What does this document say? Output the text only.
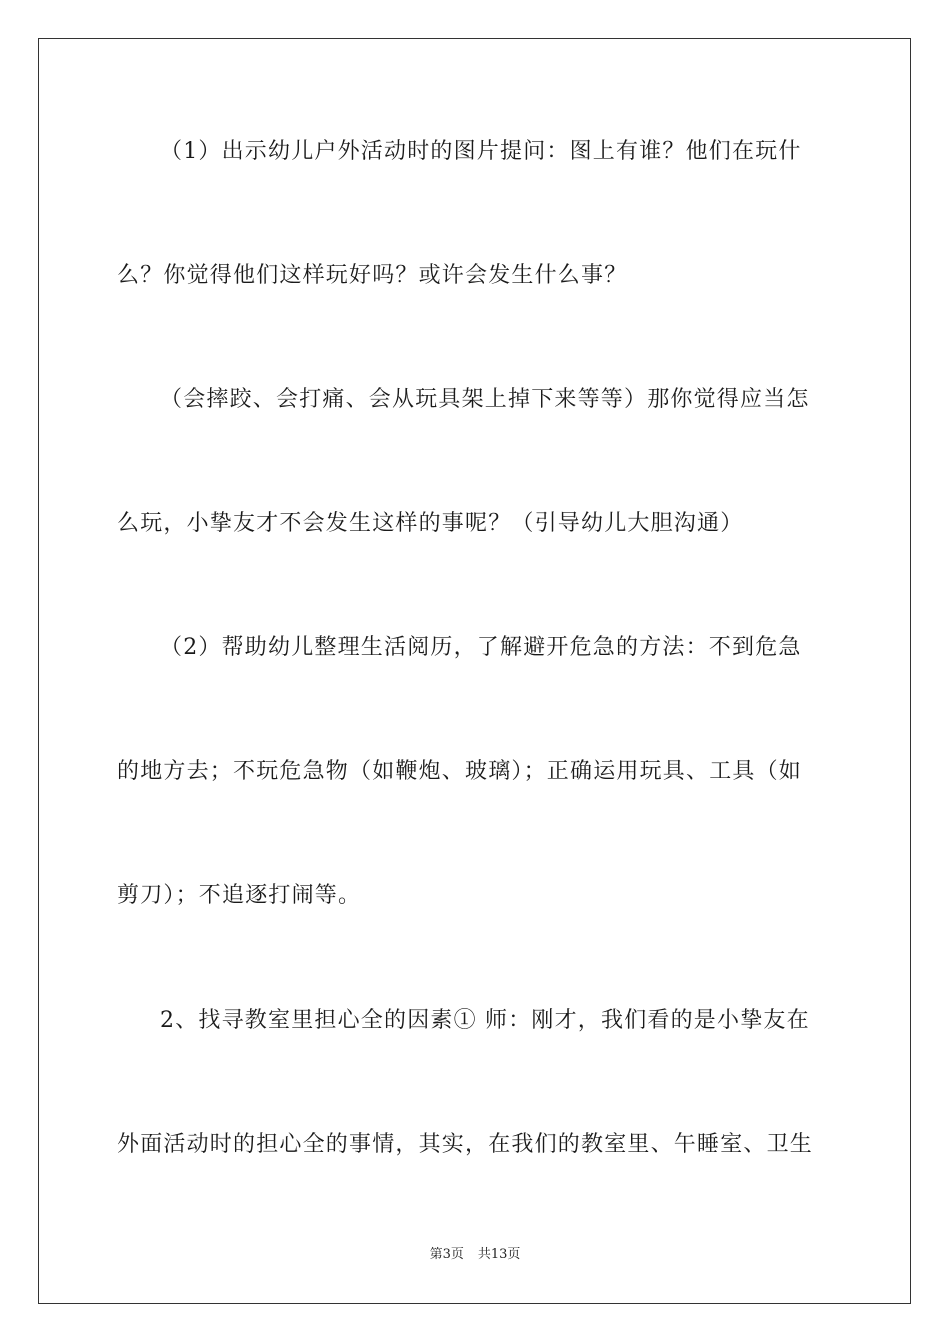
（1）出示幼儿户外活动时的图片提问：图上有谁？他们在玩什
么？你觉得他们这样玩好吗？或许会发生什么事？
（会摔跤、会打痛、会从玩具架上掉下来等等）那你觉得应当怎
么玩，小挚友才不会发生这样的事呢？（引导幼儿大胆沟通）
（2）帮助幼儿整理生活阅历，了解避开危急的方法：不到危急
的地方去；不玩危急物（如鞭炮、玻璃）；正确运用玩具、工具（如
剪刀）；不追逐打闹等。
2、找寻教室里担心全的因素① 师：刚才，我们看的是小挚友在
外面活动时的担心全的事情，其实，在我们的教室里、午睡室、卫生
第3页 共13页
